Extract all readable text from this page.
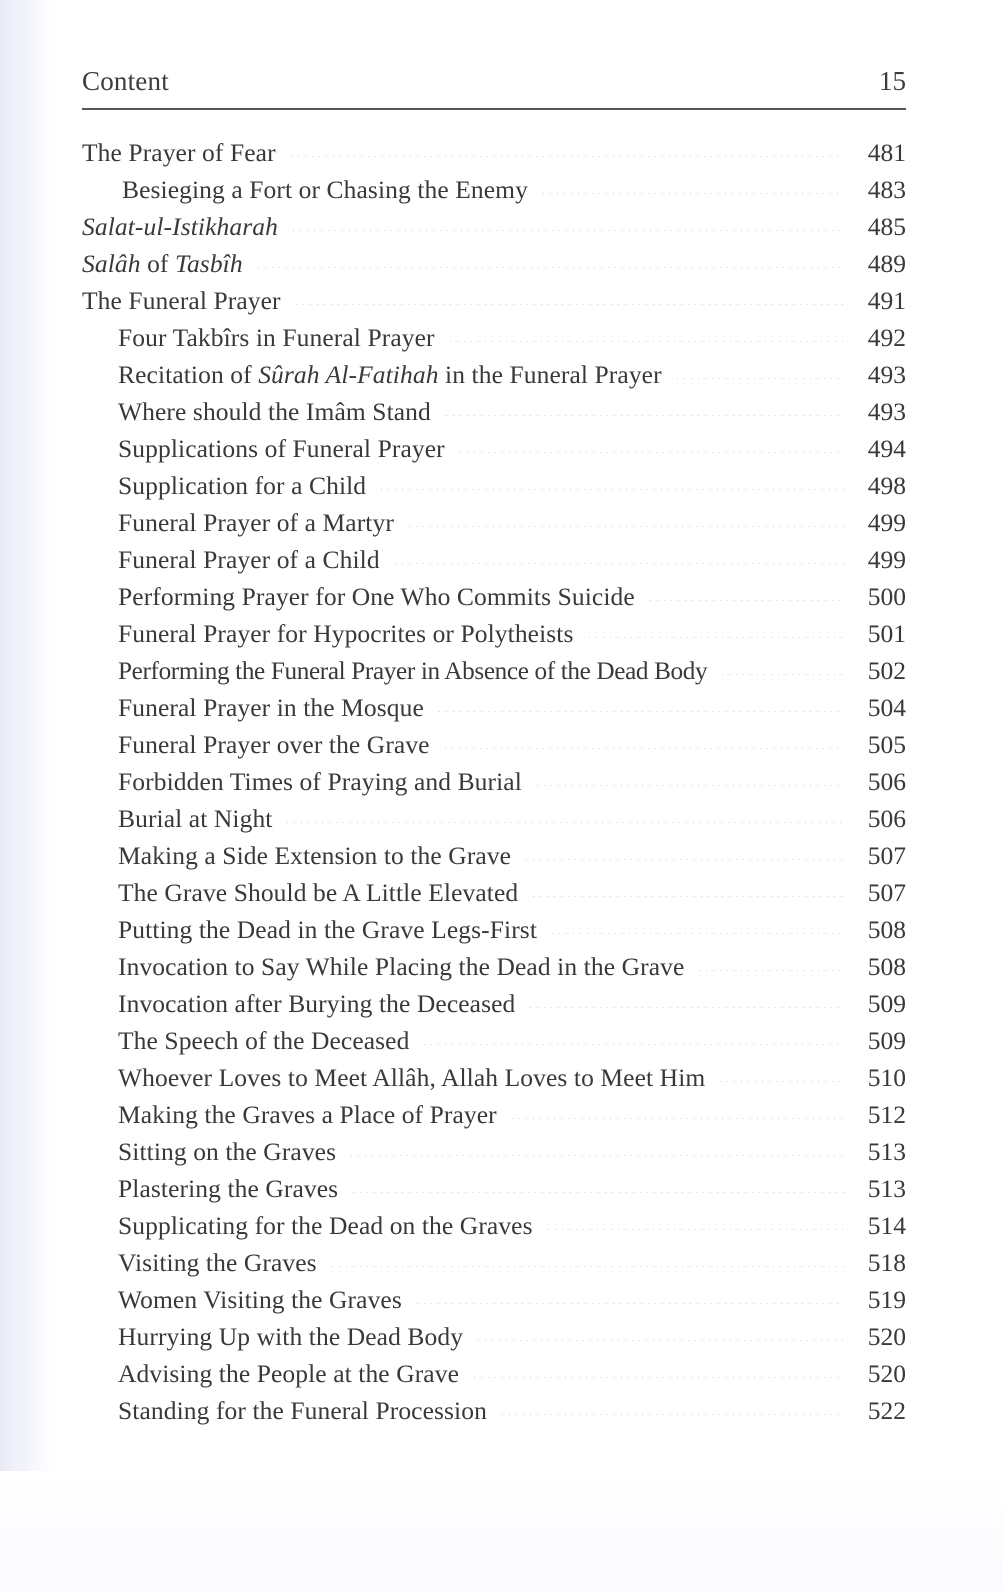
Content	15
The Prayer of Fear	481
Besieging a Fort or Chasing the Enemy	483
Salat-ul-Istikharah	485
Salâh of Tasbîh	489
The Funeral Prayer	491
Four Takbîrs in Funeral Prayer	492
Recitation of Sûrah Al-Fatihah in the Funeral Prayer	493
Where should the Imâm Stand	493
Supplications of Funeral Prayer	494
Supplication for a Child	498
Funeral Prayer of a Martyr	499
Funeral Prayer of a Child	499
Performing Prayer for One Who Commits Suicide	500
Funeral Prayer for Hypocrites or Polytheists	501
Performing the Funeral Prayer in Absence of the Dead Body	502
Funeral Prayer in the Mosque	504
Funeral Prayer over the Grave	505
Forbidden Times of Praying and Burial	506
Burial at Night	506
Making a Side Extension to the Grave	507
The Grave Should be A Little Elevated	507
Putting the Dead in the Grave Legs-First	508
Invocation to Say While Placing the Dead in the Grave	508
Invocation after Burying the Deceased	509
The Speech of the Deceased	509
Whoever Loves to Meet Allâh, Allah Loves to Meet Him	510
Making the Graves a Place of Prayer	512
Sitting on the Graves	513
Plastering the Graves	513
Supplicating for the Dead on the Graves	514
Visiting the Graves	518
Women Visiting the Graves	519
Hurrying Up with the Dead Body	520
Advising the People at the Grave	520
Standing for the Funeral Procession	522
